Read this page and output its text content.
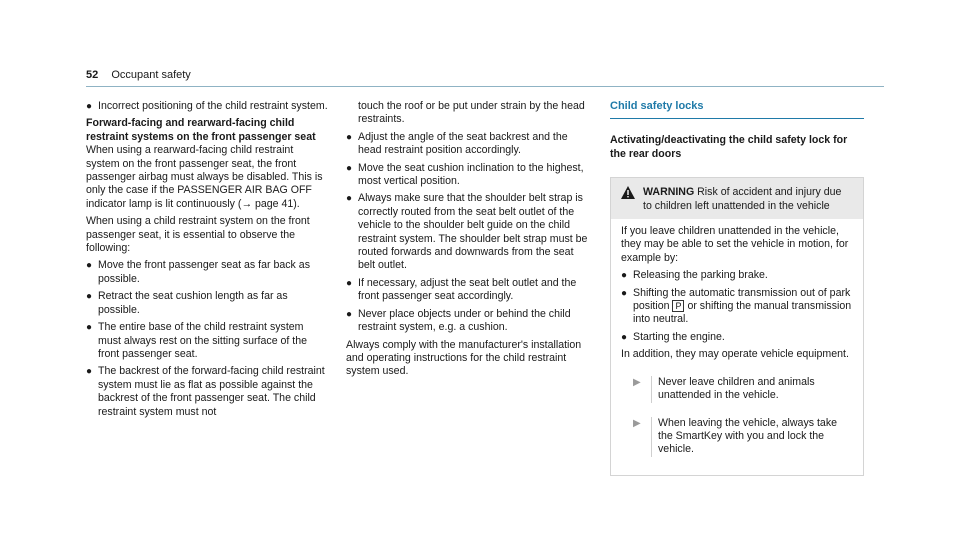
52 Occupant safety
● Incorrect positioning of the child restraint system.

Forward-facing and rearward-facing child restraint systems on the front passenger seat

When using a rearward-facing child restraint system on the front passenger seat, the front passenger airbag must always be disabled. This is only the case if the PASSENGER AIR BAG OFF indicator lamp is lit continuously (→ page 41).

When using a child restraint system on the front passenger seat, it is essential to observe the following:

● Move the front passenger seat as far back as possible.
● Retract the seat cushion length as far as possible.
● The entire base of the child restraint system must always rest on the sitting surface of the front passenger seat.
● The backrest of the forward-facing child restraint system must lie as flat as possible against the backrest of the front passenger seat. The child restraint system must not

touch the roof or be put under strain by the head restraints.

● Adjust the angle of the seat backrest and the head restraint position accordingly.
● Move the seat cushion inclination to the highest, most vertical position.
● Always make sure that the shoulder belt strap is correctly routed from the seat belt outlet of the vehicle to the shoulder belt guide on the child restraint system. The shoulder belt strap must be routed forwards and downwards from the seat belt outlet.
● If necessary, adjust the seat belt outlet and the front passenger seat accordingly.
● Never place objects under or behind the child restraint system, e.g. a cushion.

Always comply with the manufacturer's installation and operating instructions for the child restraint system used.

Child safety locks

Activating/deactivating the child safety lock for the rear doors

WARNING Risk of accident and injury due to children left unattended in the vehicle

If you leave children unattended in the vehicle, they may be able to set the vehicle in motion, for example by:

● Releasing the parking brake.
● Shifting the automatic transmission out of park position P or shifting the manual transmission into neutral.
● Starting the engine.

In addition, they may operate vehicle equipment.

▶	Never leave children and animals unattended in the vehicle.
▶	When leaving the vehicle, always take the SmartKey with you and lock the vehicle.
